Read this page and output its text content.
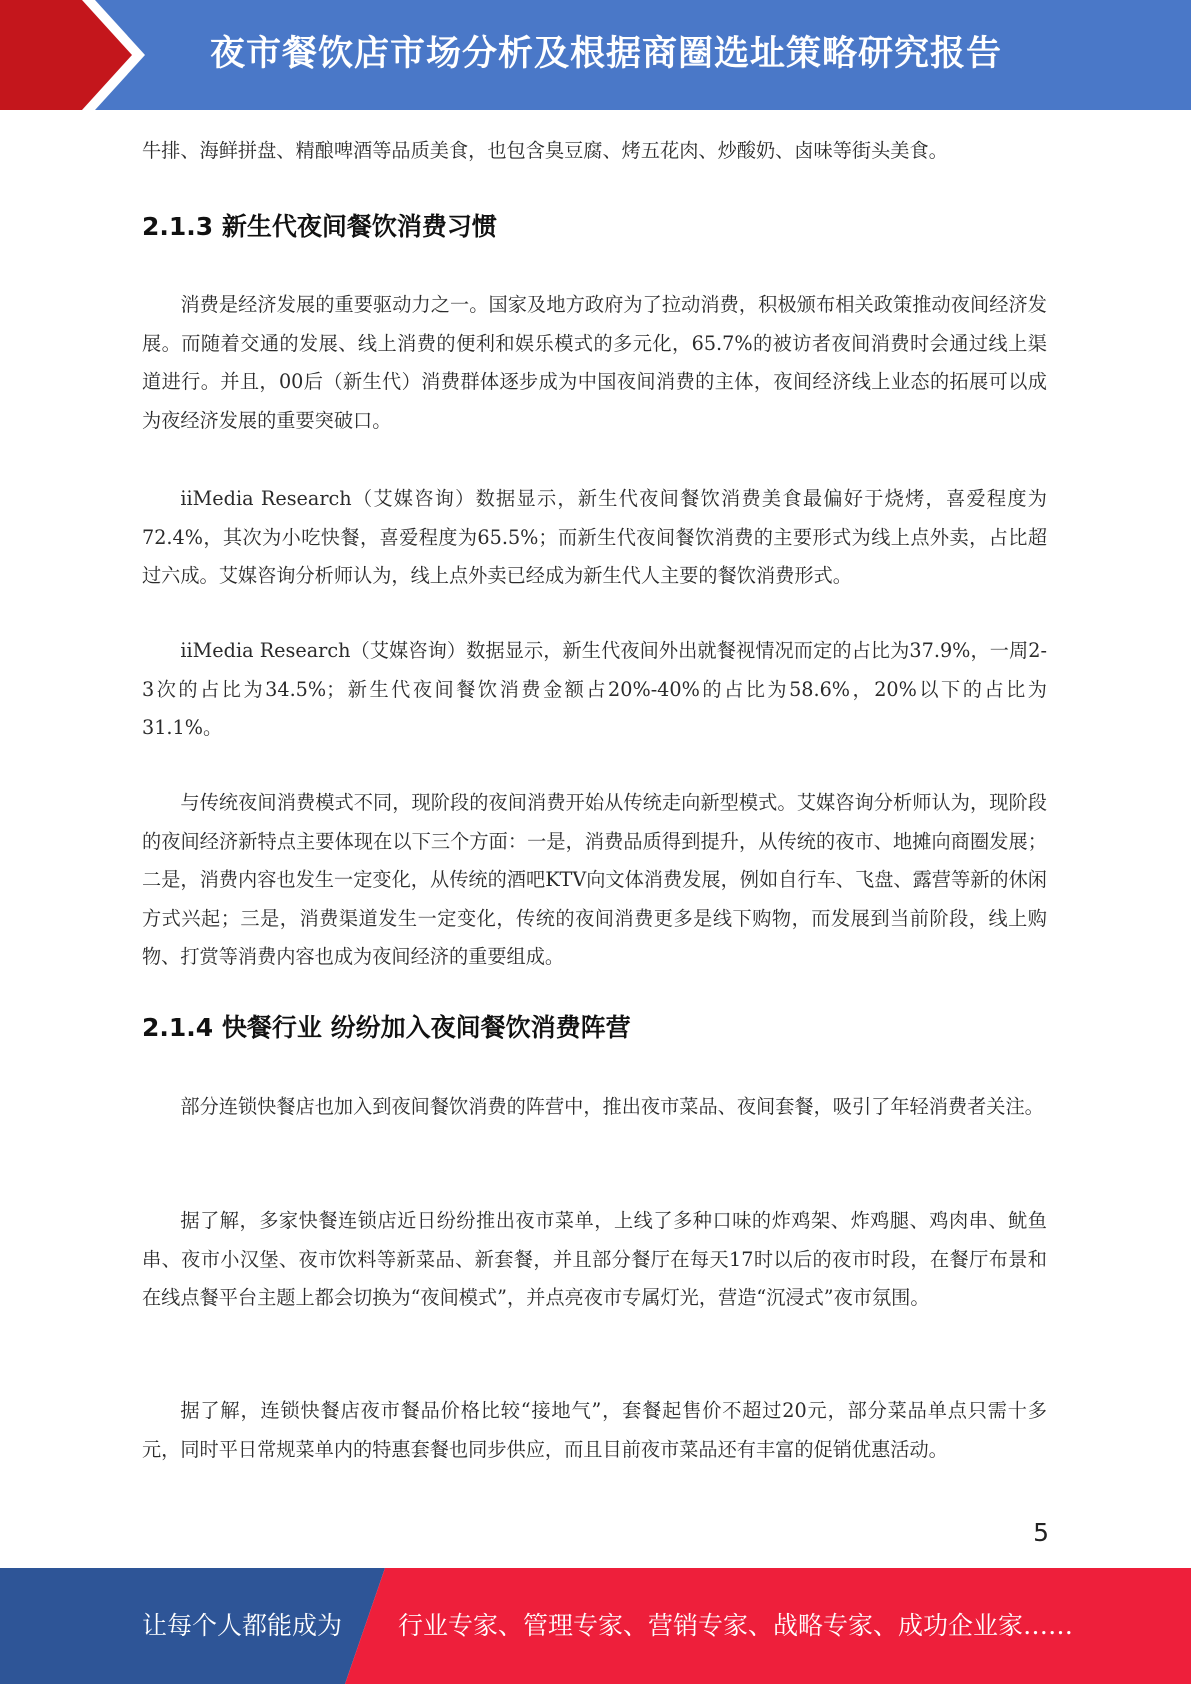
夜市餐饮店市场分析及根据商圈选址策略研究报告

牛排、海鲜拼盘、精酿啤酒等品质美食，也包含臭豆腐、烤五花肉、炒酸奶、卤味等街头美食。

2.1.3 新生代夜间餐饮消费习惯

消费是经济发展的重要驱动力之一。国家及地方政府为了拉动消费，积极颁布相关政策推动夜间经济发展。而随着交通的发展、线上消费的便利和娱乐模式的多元化，65.7%的被访者夜间消费时会通过线上渠道进行。并且，00后（新生代）消费群体逐步成为中国夜间消费的主体，夜间经济线上业态的拓展可以成为夜经济发展的重要突破口。

iiMedia Research（艾媒咨询）数据显示，新生代夜间餐饮消费美食最偏好于烧烤，喜爱程度为72.4%，其次为小吃快餐，喜爱程度为65.5%；而新生代夜间餐饮消费的主要形式为线上点外卖，占比超过六成。艾媒咨询分析师认为，线上点外卖已经成为新生代人主要的餐饮消费形式。

iiMedia Research（艾媒咨询）数据显示，新生代夜间外出就餐视情况而定的占比为37.9%，一周2-3次的占比为34.5%；新生代夜间餐饮消费金额占20%-40%的占比为58.6%，20%以下的占比为31.1%。

与传统夜间消费模式不同，现阶段的夜间消费开始从传统走向新型模式。艾媒咨询分析师认为，现阶段的夜间经济新特点主要体现在以下三个方面：一是，消费品质得到提升，从传统的夜市、地摊向商圈发展；二是，消费内容也发生一定变化，从传统的酒吧KTV向文体消费发展，例如自行车、飞盘、露营等新的休闲方式兴起；三是，消费渠道发生一定变化，传统的夜间消费更多是线下购物，而发展到当前阶段，线上购物、打赏等消费内容也成为夜间经济的重要组成。

2.1.4 快餐行业 纷纷加入夜间餐饮消费阵营

部分连锁快餐店也加入到夜间餐饮消费的阵营中，推出夜市菜品、夜间套餐，吸引了年轻消费者关注。

据了解，多家快餐连锁店近日纷纷推出夜市菜单，上线了多种口味的炸鸡架、炸鸡腿、鸡肉串、鱿鱼串、夜市小汉堡、夜市饮料等新菜品、新套餐，并且部分餐厅在每天17时以后的夜市时段，在餐厅布景和在线点餐平台主题上都会切换为“夜间模式”，并点亮夜市专属灯光，营造“沉浸式”夜市氛围。

据了解，连锁快餐店夜市餐品价格比较“接地气”，套餐起售价不超过20元，部分菜品单点只需十多元，同时平日常规菜单内的特惠套餐也同步供应，而且目前夜市菜品还有丰富的促销优惠活动。

5
让每个人都能成为 行业专家、管理专家、营销专家、战略专家、成功企业家……
